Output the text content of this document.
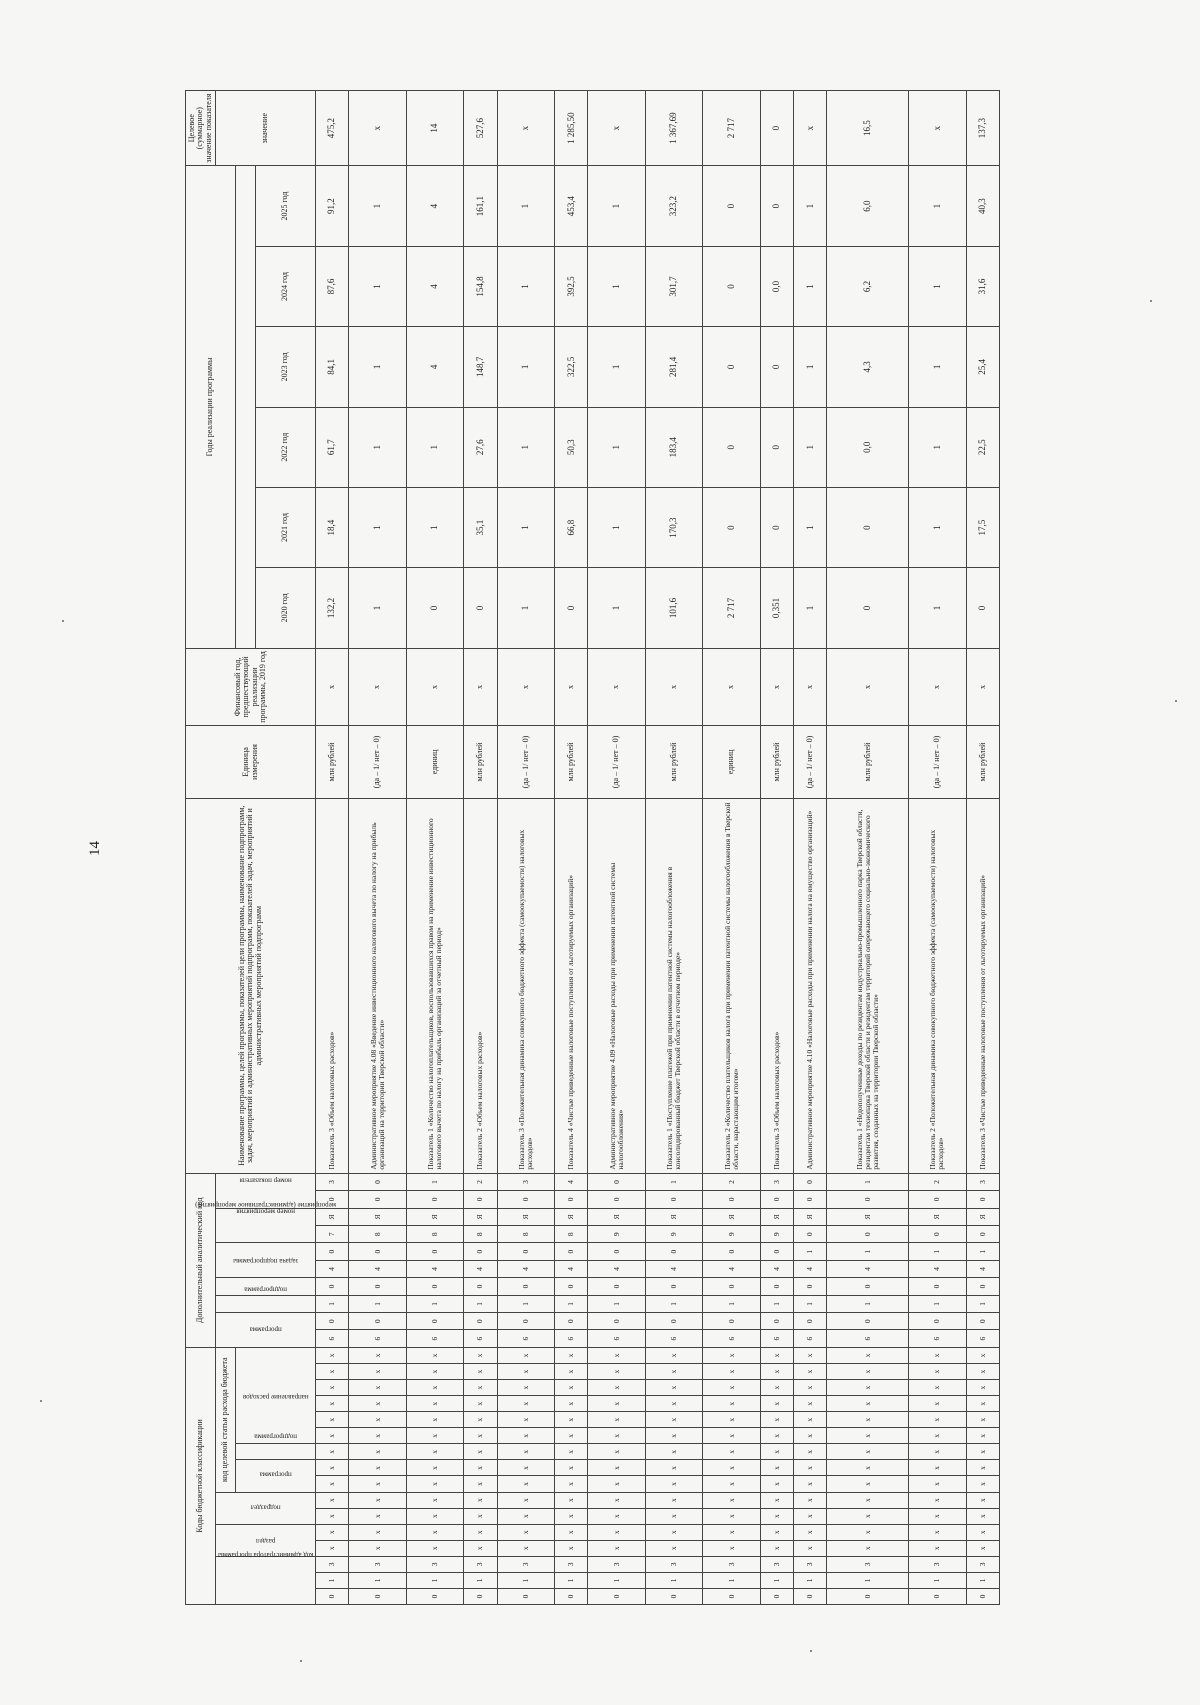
14
Коды бюджетной классификации																Дополнительный аналитический код										Наименование программы, целей программы, показателей цели программы, наименование подпрограмм, задач, мероприятий и административных мероприятий подпрограмм, показателей задач, мероприятий и административных мероприятий подпрограмм	Единица измерения	Финансовый год, предшествующий реализации программы, 2019 год	Годы реализации программы						Целевое (суммарное) значение показателя
код администратора программы			раздел		подраздел		код целевой статьи расхода бюджета									программа		подпрограмма	задача подпрограммы	мероприятие (административное мероприятие)		номер мероприятия		номер показателя											значение
							программа		подпрограмма	направление расходов																									
																													2020 год	2021 год	2022 год	2023 год	2024 год	2025 год	
0	1	3	x	x	x	x	x	x	x	x	x	x	x	x	x	6	0	1	0	4	0	7	Я	0	3	Показатель 3 «Объем налоговых расходов»	млн рублей	х	132,2	18,4	61,7	84,1	87,6	91,2	475,2
0	1	3	x	x	x	x	x	x	x	x	x	x	x	x	x	6	0	1	0	4	0	8	Я	0	0	Административное мероприятие 4.08 «Введение инвестиционного налогового вычета по налогу на прибыль организаций на территории Тверской области»	(да – 1/ нет – 0)	х	1	1	1	1	1	1	х
0	1	3	x	x	x	x	x	x	x	x	x	x	x	x	x	6	0	1	0	4	0	8	Я	0	1	Показатель 1 «Количество налогоплательщиков, воспользовавшихся правом на применение инвестиционного налогового вычета по налогу на прибыль организаций за отчетный период»	единиц	х	0	1	1	4	4	4	14
0	1	3	x	x	x	x	x	x	x	x	x	x	x	x	x	6	0	1	0	4	0	8	Я	0	2	Показатель 2 «Объем налоговых расходов»	млн рублей	х	0	35,1	27,6	148,7	154,8	161,1	527,6
0	1	3	x	x	x	x	x	x	x	x	x	x	x	x	x	6	0	1	0	4	0	8	Я	0	3	Показатель 3 «Положительная динамика совокупного бюджетного эффекта (самоокупаемости) налоговых расходов»	(да – 1/ нет – 0)	х	1	1	1	1	1	1	х
0	1	3	x	x	x	x	x	x	x	x	x	x	x	x	x	6	0	1	0	4	0	8	Я	0	4	Показатель 4 «Чистые приведенные налоговые поступления от льготируемых организаций»	млн рублей	х	0	66,8	50,3	322,5	392,5	453,4	1 285,50
0	1	3	x	x	x	x	x	x	x	x	x	x	x	x	x	6	0	1	0	4	0	9	Я	0	0	Административное мероприятие 4.09 «Налоговые расходы при применении патентной системы налогообложения»	(да – 1/ нет – 0)	х	1	1	1	1	1	1	х
0	1	3	x	x	x	x	x	x	x	x	x	x	x	x	x	6	0	1	0	4	0	9	Я	0	1	Показатель 1 «Поступление платежей при применении патентной системы налогообложения в консолидированный бюджет Тверской области в отчетном периоде»	млн рублей	х	101,6	170,3	183,4	281,4	301,7	323,2	1 367,69
0	1	3	x	x	x	x	x	x	x	x	x	x	x	x	x	6	0	1	0	4	0	9	Я	0	2	Показатель 2 «Количество плательщиков налога при применении патентной системы налогообложения в Тверской области, нарастающим итогом»	единиц	х	2 717	0	0	0	0	0	2 717
0	1	3	x	x	x	x	x	x	x	x	x	x	x	x	x	6	0	1	0	4	0	9	Я	0	3	Показатель 3 «Объем налоговых расходов»	млн рублей	х	0,351	0	0	0	0,0	0	0
0	1	3	x	x	x	x	x	x	x	x	x	x	x	x	x	6	0	1	0	4	1	0	Я	0	0	Административное мероприятие 4.10 «Налоговые расходы при применении налога на имущество организаций»	(да – 1/ нет – 0)	х	1	1	1	1	1	1	х
0	1	3	x	x	x	x	x	x	x	x	x	x	x	x	x	6	0	1	0	4	1	0	Я	0	1	Показатель 1 «Недополученные доходы по резидентам индустриально-промышленного парка Тверской области, резидентам технопарка Тверской области и резидентам территорий опережающего социально-экономического развития, созданных на территории Тверской области»	млн рублей	х	0	0	0,0	4,3	6,2	6,0	16,5
0	1	3	x	x	x	x	x	x	x	x	x	x	x	x	x	6	0	1	0	4	1	0	Я	0	2	Показатель 2 «Положительная динамика совокупного бюджетного эффекта (самоокупаемости) налоговых расходов»	(да – 1/ нет – 0)	х	1	1	1	1	1	1	х
0	1	3	x	x	x	x	x	x	x	x	x	x	x	x	x	6	0	1	0	4	1	0	Я	0	3	Показатель 3 «Чистые приведенные налоговые поступления от льготируемых организаций»	млн рублей	х	0	17,5	22,5	25,4	31,6	40,3	137,3
